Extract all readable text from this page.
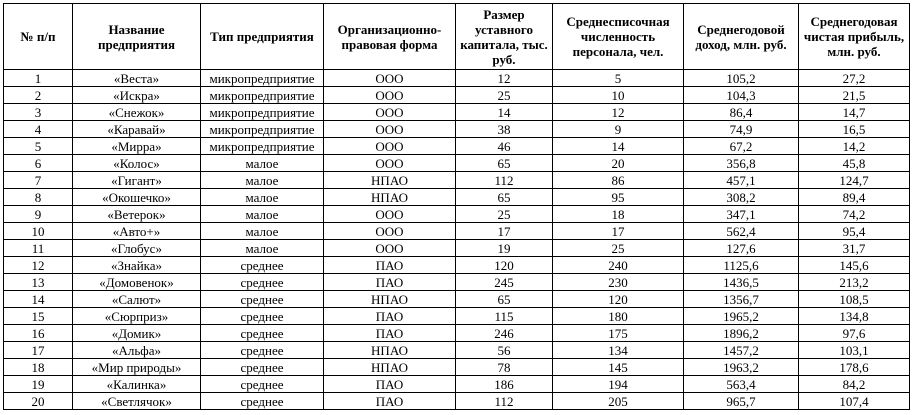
№ п/п	Название предприятия	Тип предприятия	Организационно-правовая форма	Размер уставного капитала, тыс. руб.	Среднесписочная численность персонала, чел.	Среднегодовой доход, млн. руб.	Среднегодовая чистая прибыль, млн. руб.
1	«Веста»	микропредприятие	ООО	12	5	105,2	27,2
2	«Искра»	микропредприятие	ООО	25	10	104,3	21,5
3	«Снежок»	микропредприятие	ООО	14	12	86,4	14,7
4	«Каравай»	микропредприятие	ООО	38	9	74,9	16,5
5	«Мирра»	микропредприятие	ООО	46	14	67,2	14,2
6	«Колос»	малое	ООО	65	20	356,8	45,8
7	«Гигант»	малое	НПАО	112	86	457,1	124,7
8	«Окошечко»	малое	НПАО	65	95	308,2	89,4
9	«Ветерок»	малое	ООО	25	18	347,1	74,2
10	«Авто+»	малое	ООО	17	17	562,4	95,4
11	«Глобус»	малое	ООО	19	25	127,6	31,7
12	«Знайка»	среднее	ПАО	120	240	1125,6	145,6
13	«Домовенок»	среднее	ПАО	245	230	1436,5	213,2
14	«Салют»	среднее	НПАО	65	120	1356,7	108,5
15	«Сюрприз»	среднее	ПАО	115	180	1965,2	134,8
16	«Домик»	среднее	ПАО	246	175	1896,2	97,6
17	«Альфа»	среднее	НПАО	56	134	1457,2	103,1
18	«Мир природы»	среднее	НПАО	78	145	1963,2	178,6
19	«Калинка»	среднее	ПАО	186	194	563,4	84,2
20	«Светлячок»	среднее	ПАО	112	205	965,7	107,4
